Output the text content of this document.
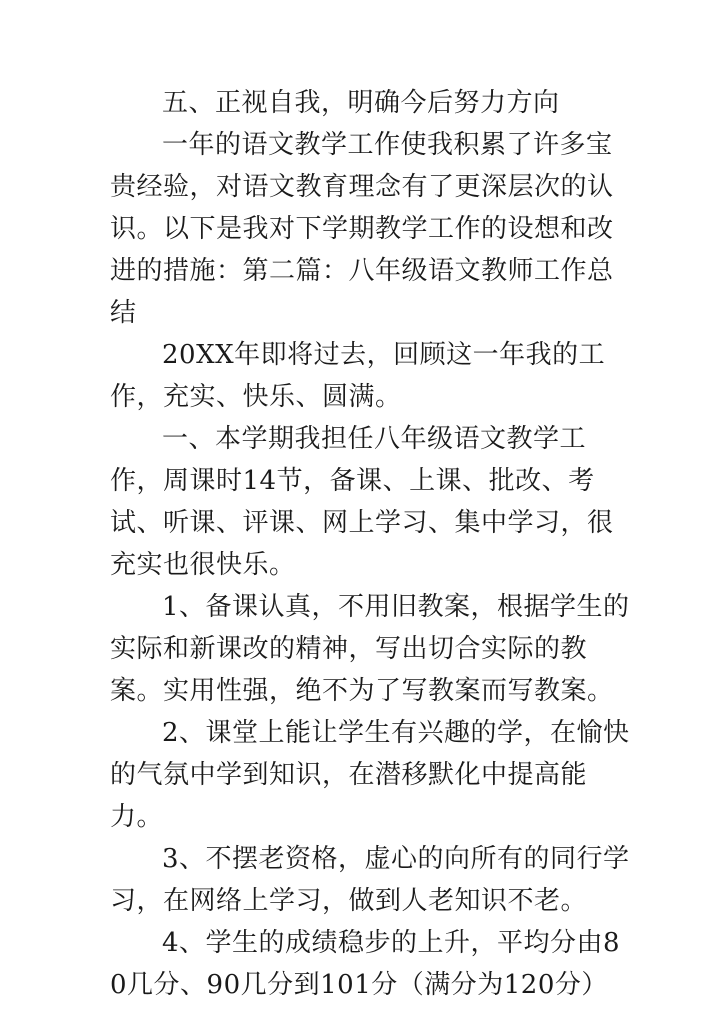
五、正视自我，明确今后努力方向

一年的语文教学工作使我积累了许多宝贵经验，对语文教育理念有了更深层次的认识。以下是我对下学期教学工作的设想和改进的措施：第二篇：八年级语文教师工作总结

20XX年即将过去，回顾这一年我的工作，充实、快乐、圆满。

一、本学期我担任八年级语文教学工作，周课时14节，备课、上课、批改、考试、听课、评课、网上学习、集中学习，很充实也很快乐。

1、备课认真，不用旧教案，根据学生的实际和新课改的精神，写出切合实际的教案。实用性强，绝不为了写教案而写教案。

2、课堂上能让学生有兴趣的学，在愉快的气氛中学到知识，在潜移默化中提高能力。

3、不摆老资格，虚心的向所有的同行学习，在网络上学习，做到人老知识不老。

4、学生的成绩稳步的上升，平均分由80几分、90几分到101分（满分为120分）
